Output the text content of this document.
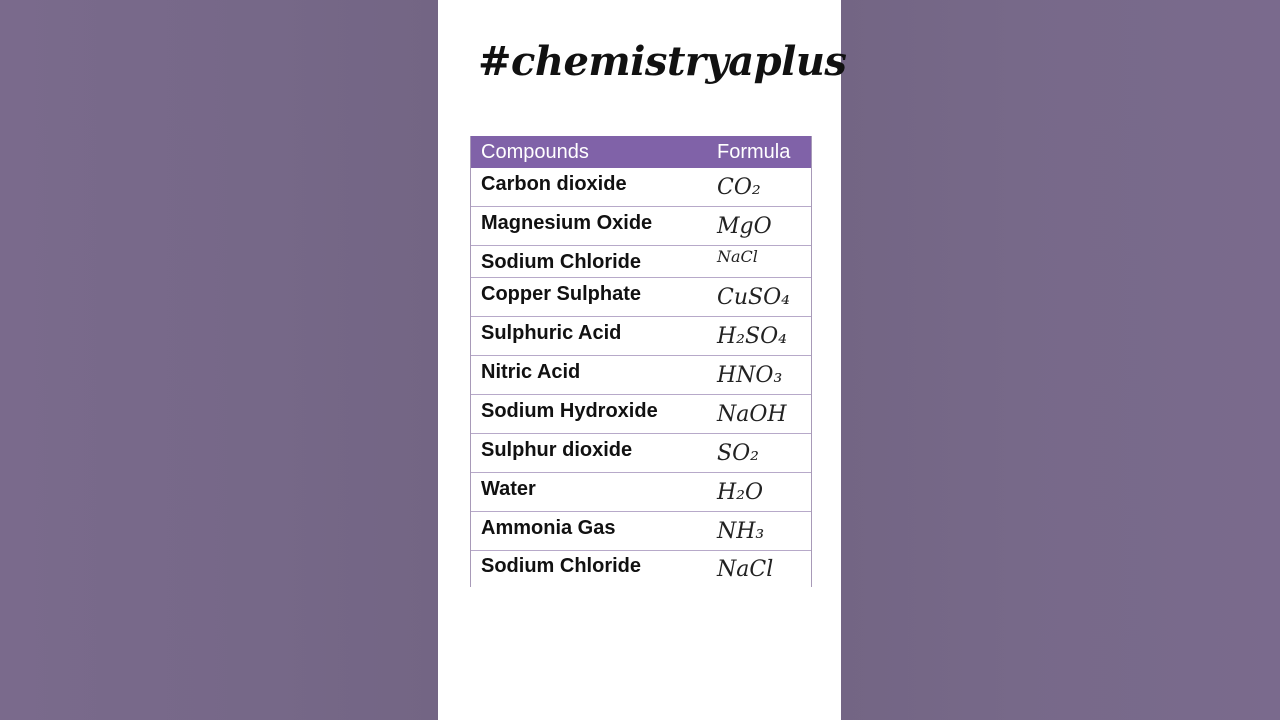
#chemistryaplus
Compounds	Formula
Carbon dioxide	CO₂
Magnesium Oxide	MgO
Sodium Chloride	NaCl
Copper Sulphate	CuSO₄
Sulphuric Acid	H₂SO₄
Nitric Acid	HNO₃
Sodium Hydroxide	NaOH
Sulphur dioxide	SO₂
Water	H₂O
Ammonia Gas	NH₃
Sodium Chloride	NaCl
